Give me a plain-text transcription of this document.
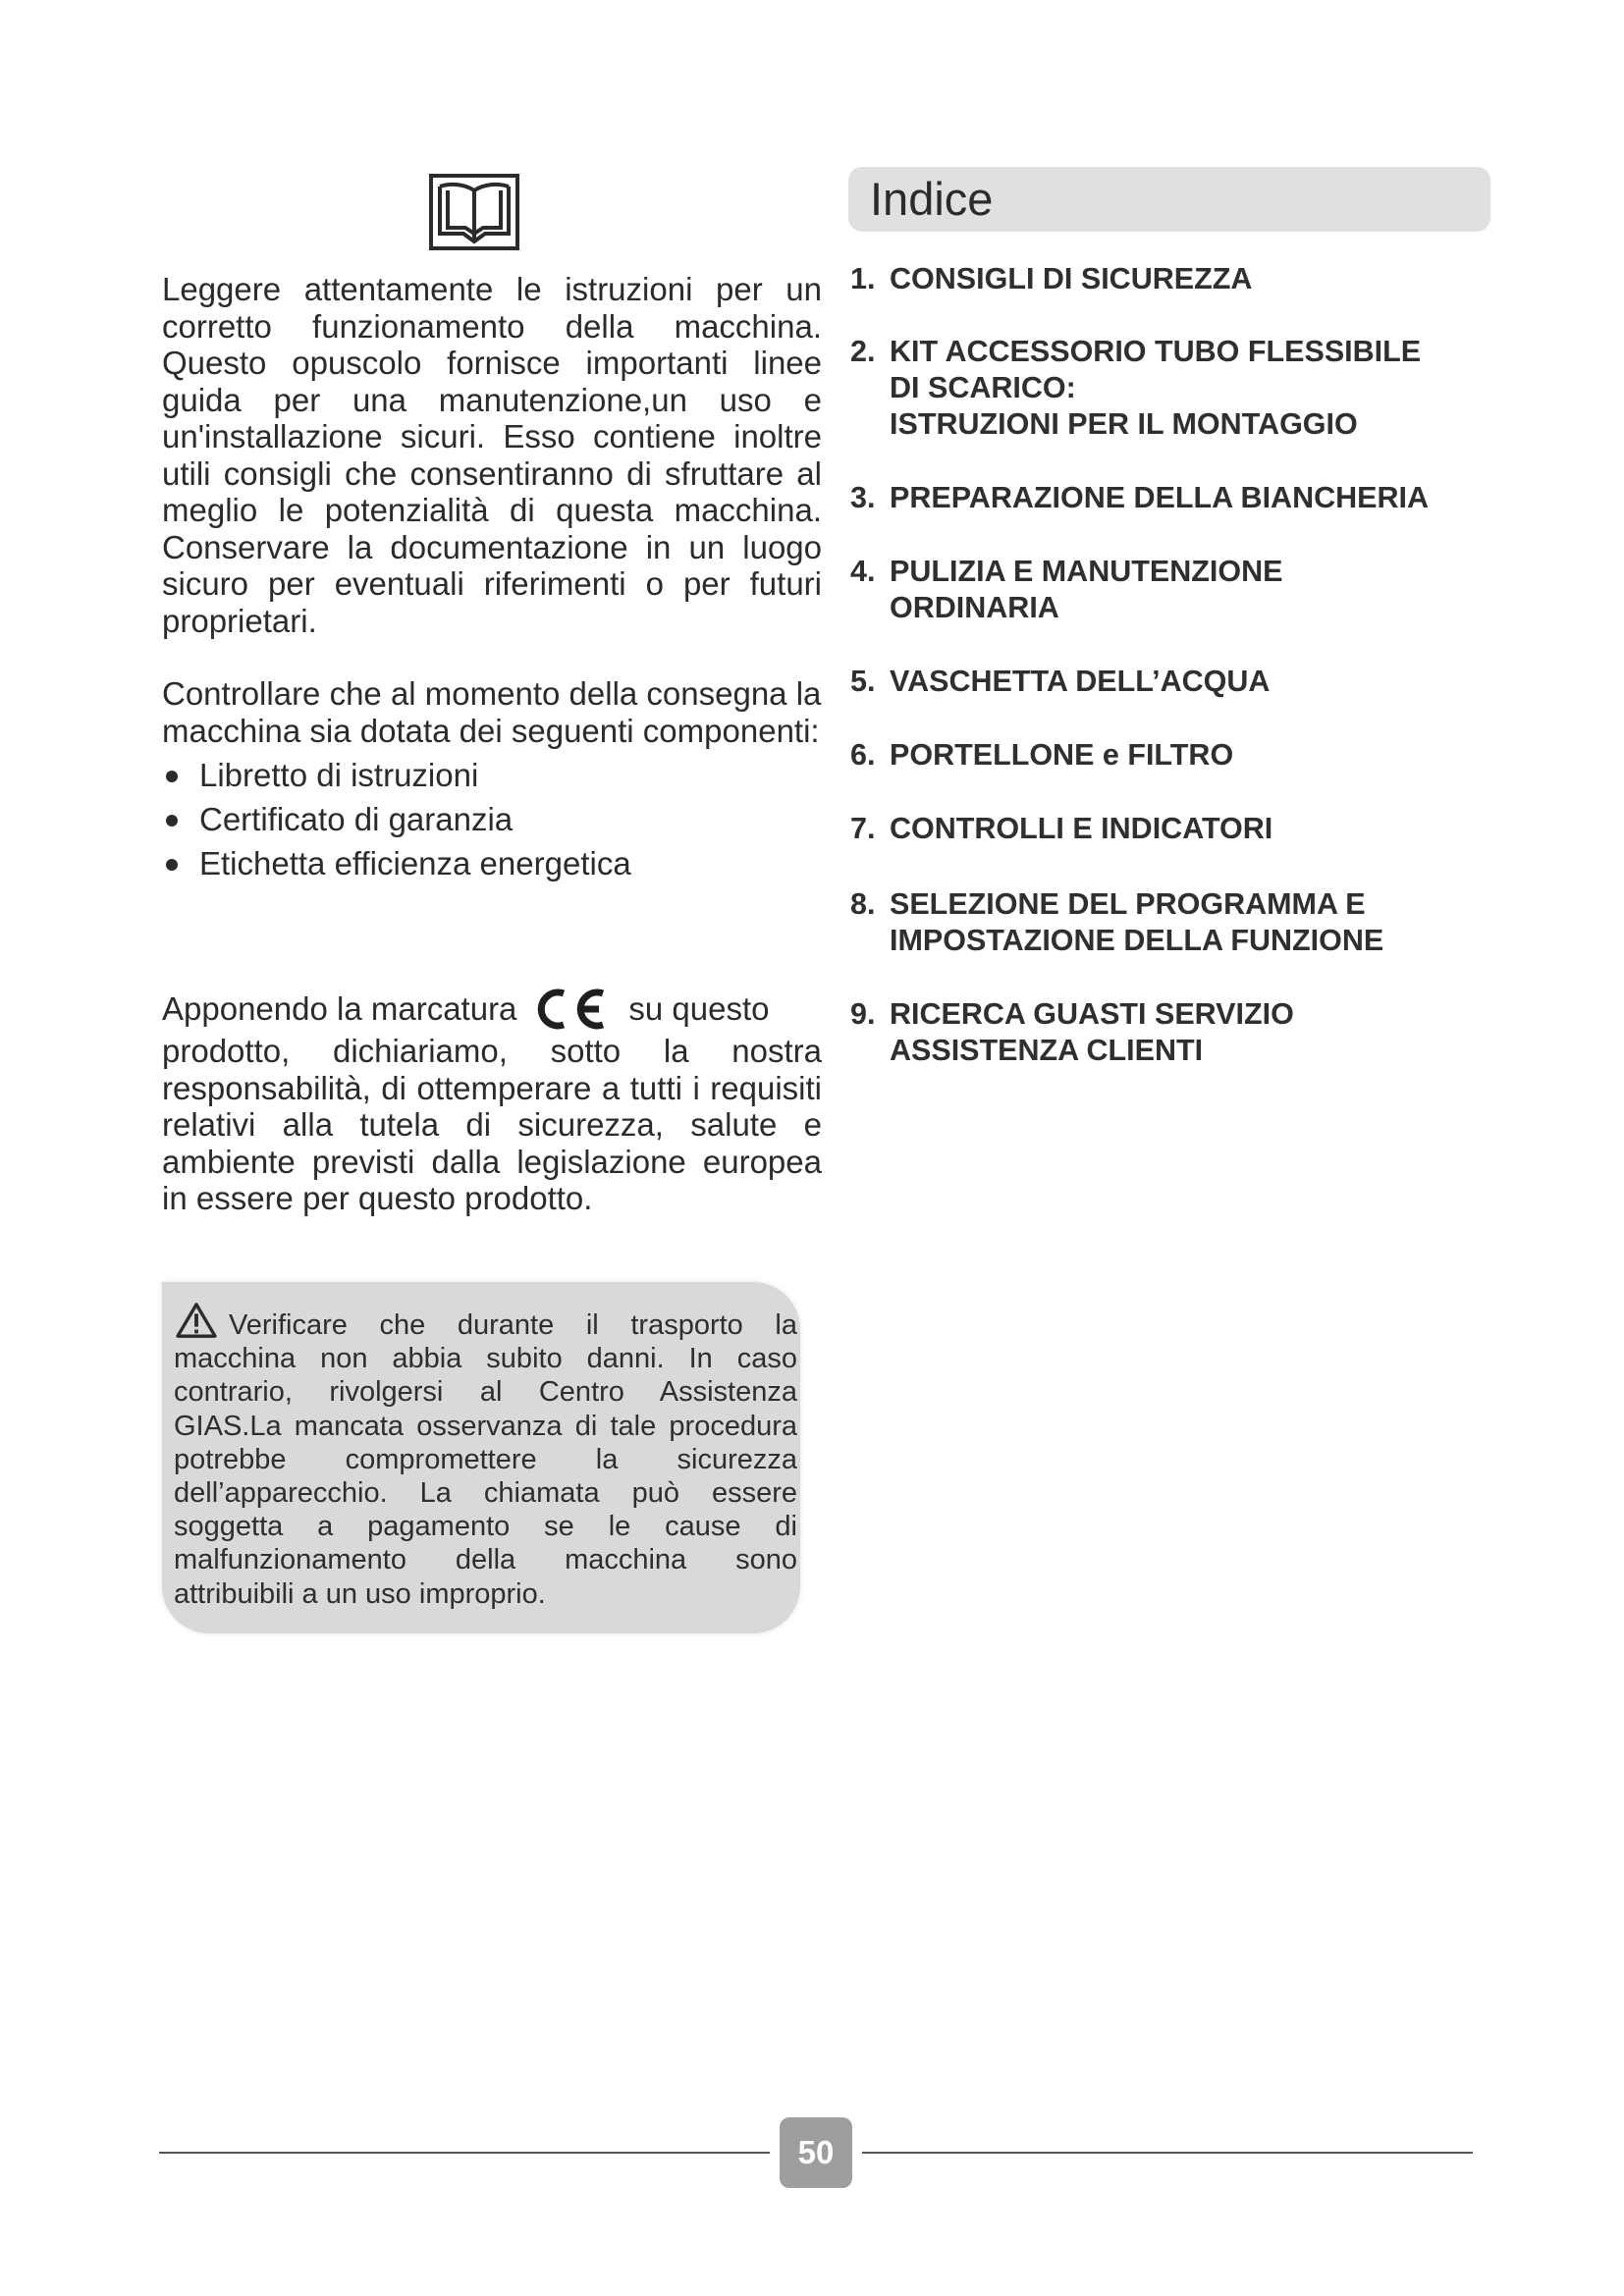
Leggere attentamente le istruzioni per un corretto funzionamento della macchina. Questo opuscolo fornisce importanti linee guida per una manutenzione,un uso e un'installazione sicuri. Esso contiene inoltre utili consigli che consentiranno di sfruttare al meglio le potenzialità di questa macchina. Conservare la documentazione in un luogo sicuro per eventuali riferimenti o per futuri proprietari.

Controllare che al momento della consegna la macchina sia dotata dei seguenti componenti:

Libretto di istruzioni
Certificato di garanzia
Etichetta efficienza energetica
Apponendo la marcatura	su questo

prodotto, dichiariamo, sotto la nostra responsabilità, di ottemperare a tutti i requisiti relativi alla tutela di sicurezza, salute e ambiente previsti dalla legislazione europea in essere per questo prodotto.

Verificare che durante il trasporto la macchina non abbia subito danni. In caso contrario, rivolgersi al Centro Assistenza GIAS.La mancata osservanza di tale procedura potrebbe compromettere la sicurezza dell’apparecchio. La chiamata può essere soggetta a pagamento se le cause di malfunzionamento della macchina sono attribuibili a un uso improprio.
Indice
1. CONSIGLI DI SICUREZZA
2. KIT ACCESSORIO TUBO FLESSIBILE
DI SCARICO:
ISTRUZIONI PER IL MONTAGGIO
3. PREPARAZIONE DELLA BIANCHERIA
4. PULIZIA E MANUTENZIONE
ORDINARIA
5. VASCHETTA DELL’ACQUA
6. PORTELLONE e FILTRO
7. CONTROLLI E INDICATORI
8. SELEZIONE DEL PROGRAMMA E
IMPOSTAZIONE DELLA FUNZIONE
9. RICERCA GUASTI SERVIZIO
ASSISTENZA CLIENTI
50
